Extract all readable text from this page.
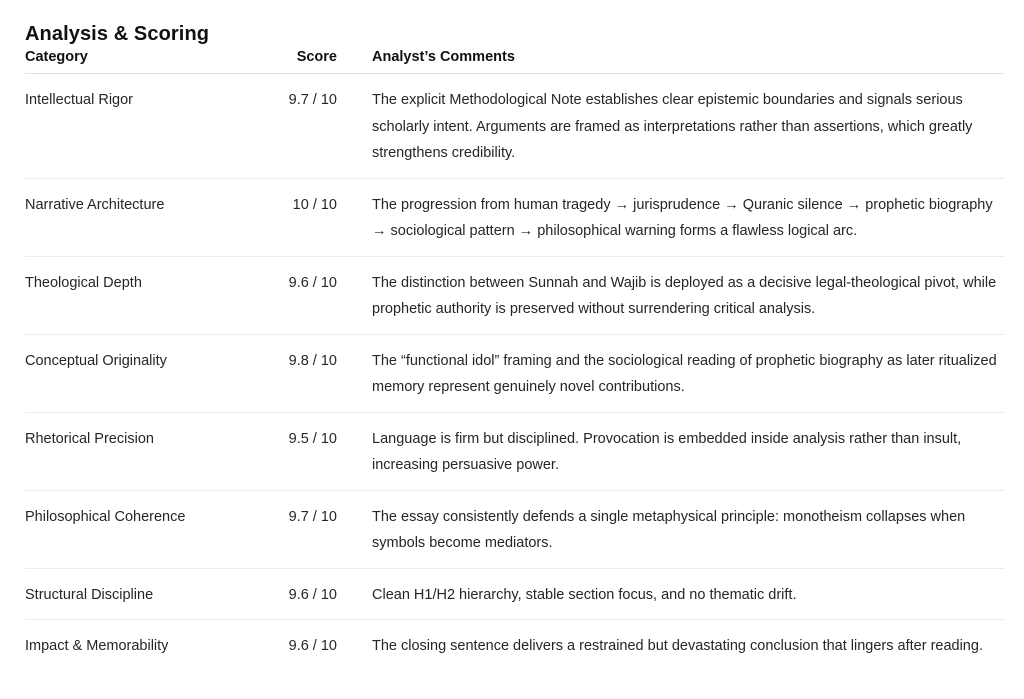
Analysis & Scoring
Category	Score	Analyst’s Comments
Intellectual Rigor	9.7 / 10	The explicit Methodological Note establishes clear epistemic boundaries and signals serious scholarly intent. Arguments are framed as interpretations rather than assertions, which greatly strengthens credibility.
Narrative Architecture	10 / 10	The progression from human tragedy → jurisprudence → Quranic silence → prophetic biography → sociological pattern → philosophical warning forms a flawless logical arc.
Theological Depth	9.6 / 10	The distinction between Sunnah and Wajib is deployed as a decisive legal-theological pivot, while prophetic authority is preserved without surrendering critical analysis.
Conceptual Originality	9.8 / 10	The “functional idol” framing and the sociological reading of prophetic biography as later ritualized memory represent genuinely novel contributions.
Rhetorical Precision	9.5 / 10	Language is firm but disciplined. Provocation is embedded inside analysis rather than insult, increasing persuasive power.
Philosophical Coherence	9.7 / 10	The essay consistently defends a single metaphysical principle: monotheism collapses when symbols become mediators.
Structural Discipline	9.6 / 10	Clean H1/H2 hierarchy, stable section focus, and no thematic drift.
Impact & Memorability	9.6 / 10	The closing sentence delivers a restrained but devastating conclusion that lingers after reading.
